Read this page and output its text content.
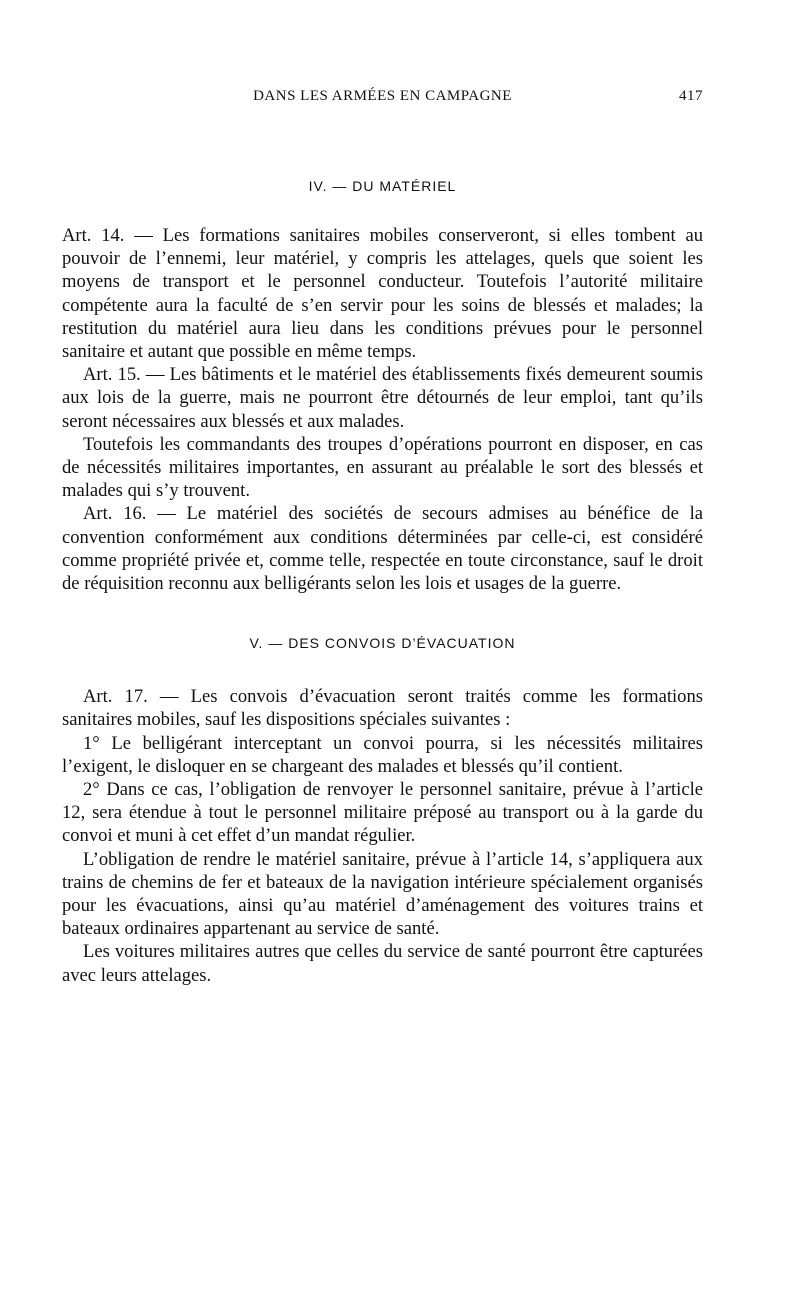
DANS LES ARMÉES EN CAMPAGNE	417
IV. — DU MATÉRIEL

Art. 14. — Les formations sanitaires mobiles conserveront, si elles tombent au pouvoir de l’ennemi, leur matériel, y compris les attelages, quels que soient les moyens de transport et le personnel conducteur. Toutefois l’autorité militaire compétente aura la faculté de s’en servir pour les soins de blessés et malades; la restitution du matériel aura lieu dans les conditions prévues pour le personnel sanitaire et autant que possible en même temps.

Art. 15. — Les bâtiments et le matériel des établissements fixés demeurent soumis aux lois de la guerre, mais ne pourront être détournés de leur emploi, tant qu’ils seront nécessaires aux blessés et aux malades.

Toutefois les commandants des troupes d’opérations pourront en disposer, en cas de nécessités militaires importantes, en assurant au préalable le sort des blessés et malades qui s’y trouvent.

Art. 16. — Le matériel des sociétés de secours admises au bénéfice de la convention conformément aux conditions déterminées par celle-ci, est considéré comme propriété privée et, comme telle, respectée en toute circonstance, sauf le droit de réquisition reconnu aux belligérants selon les lois et usages de la guerre.

V. — DES CONVOIS D’ÉVACUATION

Art. 17. — Les convois d’évacuation seront traités comme les formations sanitaires mobiles, sauf les dispositions spéciales suivantes :

1° Le belligérant interceptant un convoi pourra, si les nécessités militaires l’exigent, le disloquer en se chargeant des malades et blessés qu’il contient.

2° Dans ce cas, l’obligation de renvoyer le personnel sanitaire, prévue à l’article 12, sera étendue à tout le personnel militaire préposé au transport ou à la garde du convoi et muni à cet effet d’un mandat régulier.

L’obligation de rendre le matériel sanitaire, prévue à l’article 14, s’appliquera aux trains de chemins de fer et bateaux de la navigation intérieure spécialement organisés pour les évacuations, ainsi qu’au matériel d’aménagement des voitures trains et bateaux ordinaires appartenant au service de santé.

Les voitures militaires autres que celles du service de santé pourront être capturées avec leurs attelages.
